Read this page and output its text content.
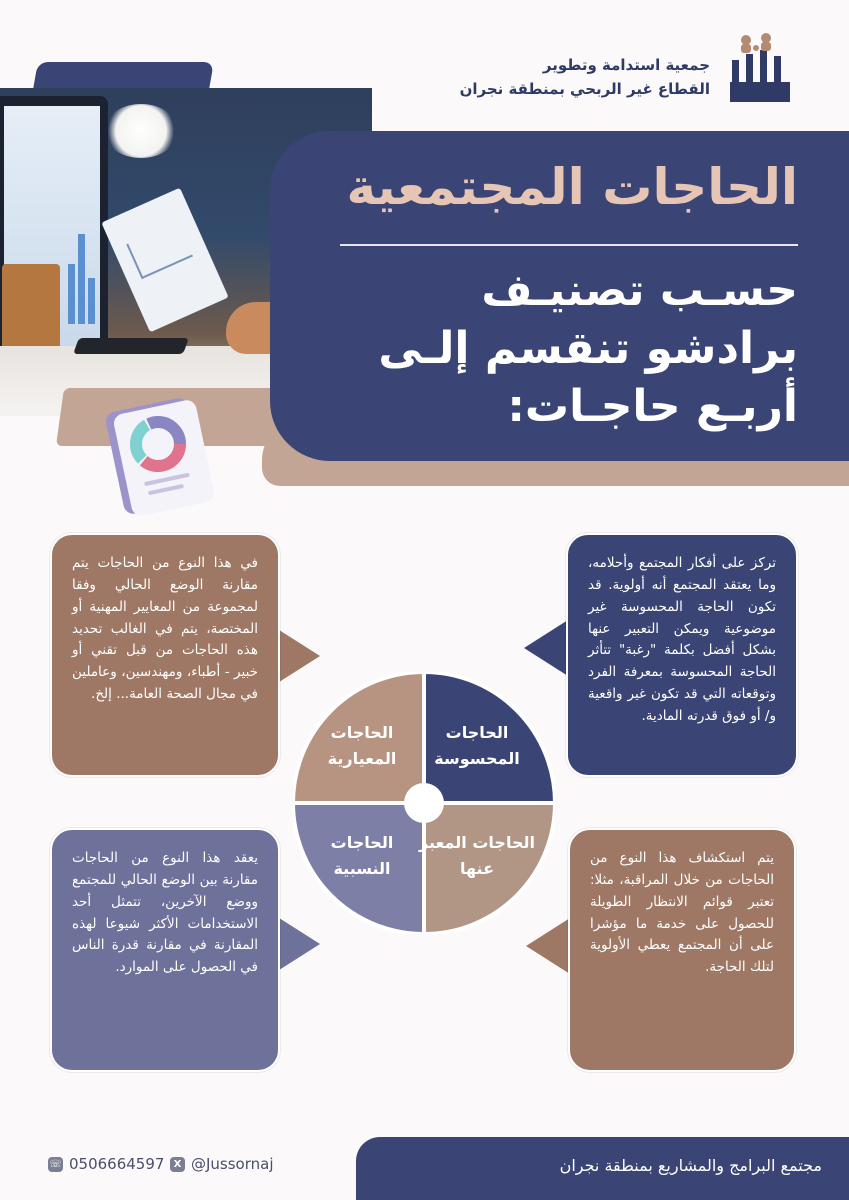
جمعية استدامة وتطوير
القطاع غير الربحي بمنطقة نجران
الحاجات المجتمعية
حسـب تصنيـف
برادشو تنقسم إلـى
أربـع حاجـات:
في هذا النوع من الحاجات يتم مقارنة الوضع الحالي وفقا لمجموعة من المعايير المهنية أو المختصة، يتم في الغالب تحديد هذه الحاجات من قبل تقني أو خبير - أطباء، ومهندسين، وعاملين في مجال الصحة العامة... إلخ.
تركز على أفكار المجتمع وأحلامه، وما يعتقد المجتمع أنه أولوية. قد تكون الحاجة المحسوسة غير موضوعية ويمكن التعبير عنها بشكل أفضل بكلمة "رغبة" تتأثر الحاجة المحسوسة بمعرفة الفرد وتوقعاته التي قد تكون غير واقعية و/ أو فوق قدرته المادية.
يعقد هذا النوع من الحاجات مقارنة بين الوضع الحالي للمجتمع ووضع الآخرين، تتمثل أحد الاستخدامات الأكثر شيوعا لهذه المقارنة في مقارنة قدرة الناس في الحصول على الموارد.
يتم استكشاف هذا النوع من الحاجات من خلال المراقبة، مثلا: تعتبر قوائم الانتظار الطويلة للحصول على خدمة ما مؤشرا على أن المجتمع يعطي الأولوية لتلك الحاجة.
الحاجات المحسوسة
الحاجات المعيارية
الحاجات النسبية
الحاجات المعبر عنها
مجتمع البرامج والمشاريع بمنطقة نجران
☏ 0506664597 X @Jussornaj
